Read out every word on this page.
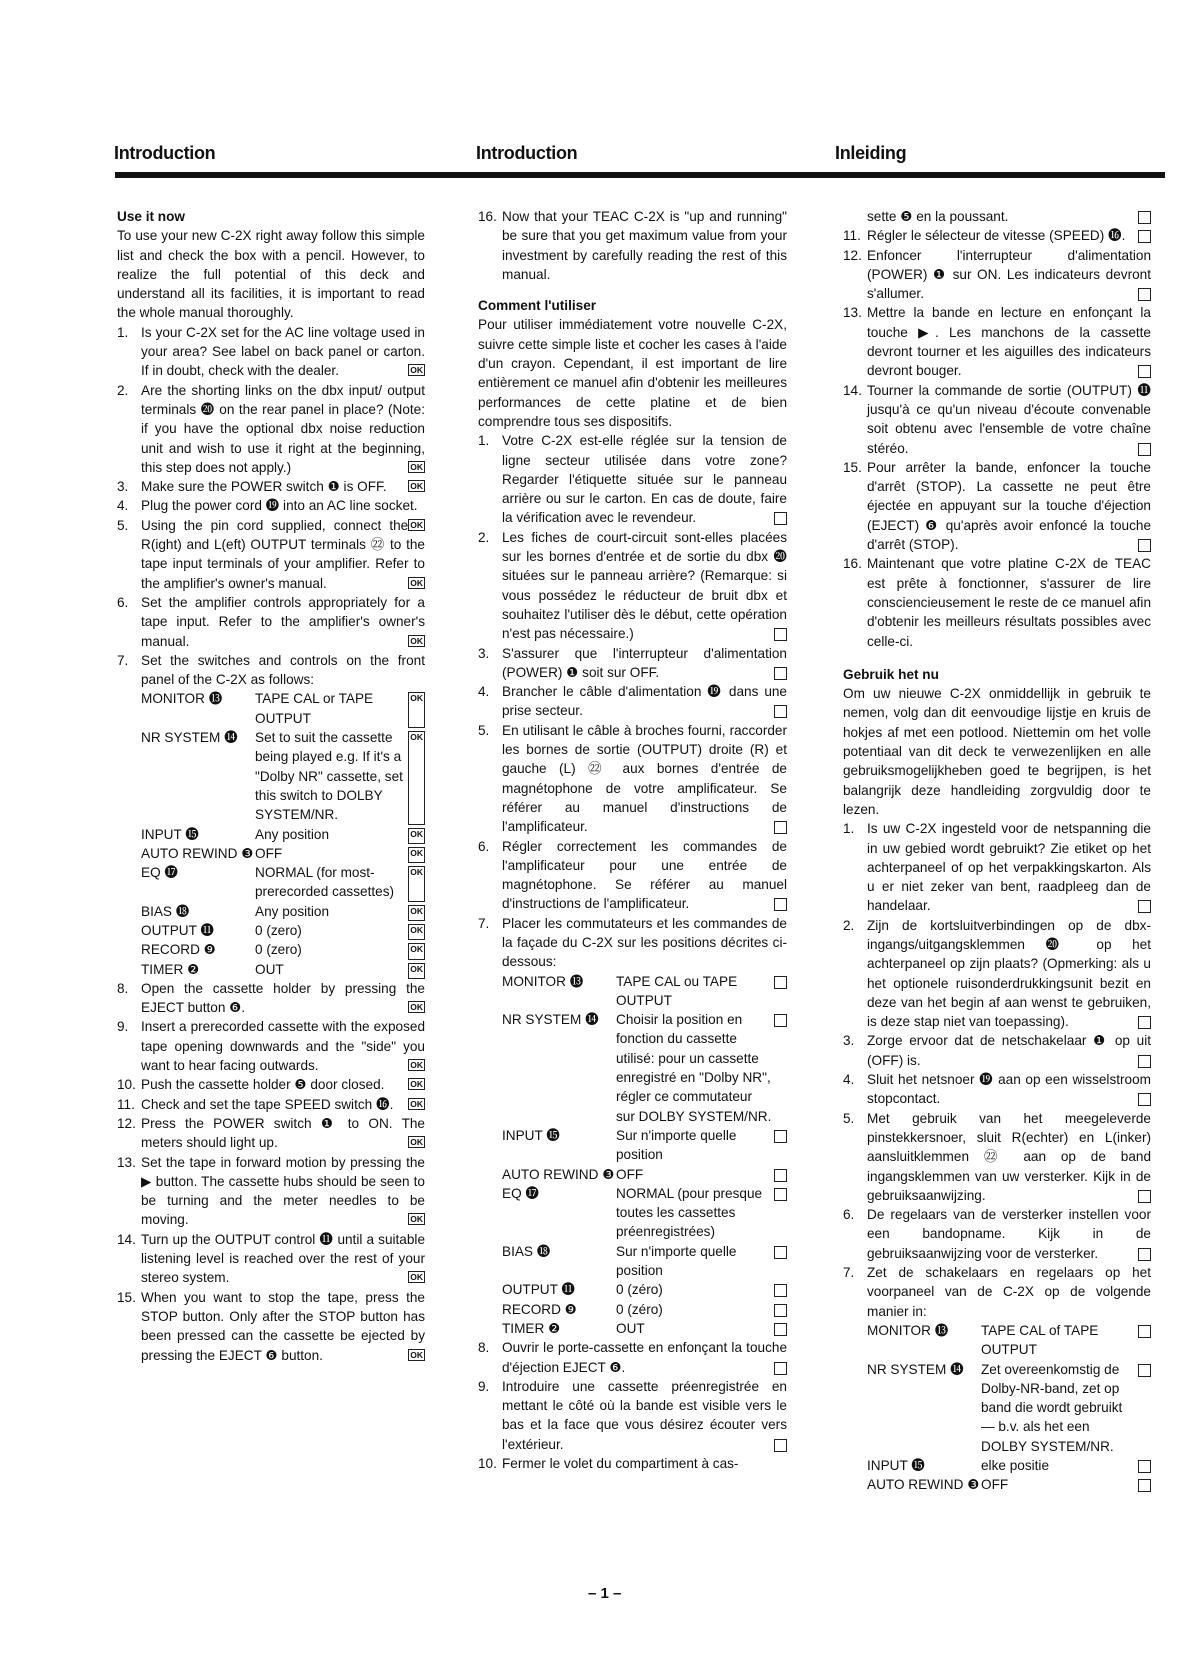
Introduction	Introduction	Inleiding
Use it now

To use your new C-2X right away follow this simple list and check the box with a pencil. However, to realize the full potential of this deck and understand all its facilities, it is important to read the whole manual thoroughly.

1. Is your C-2X set for the AC line voltage used in your area? See label on back panel or carton. If in doubt, check with the dealer.	OK
2. Are the shorting links on the dbx input/ output terminals ⓴ on the rear panel in place? (Note: if you have the optional dbx noise reduction unit and wish to use it right at the beginning, this step does not apply.)	OK
3. Make sure the POWER switch ❶ is OFF.	OK
4. Plug the power cord ⓳ into an AC line socket.
OK
5. Using the pin cord supplied, connect the R(ight) and L(eft) OUTPUT terminals ㉒ to the tape input terminals of your amplifier. Refer to the amplifier's owner's manual.	OK
6. Set the amplifier controls appropriately for a tape input. Refer to the amplifier's owner's manual.	OK
7. Set the switches and controls on the front panel of the C-2X as follows:
MONITOR ⓭	TAPE CAL or TAPE OUTPUT
OK
NR SYSTEM ⓮	Set to suit the cassette being played e.g. If it's a "Dolby NR" cassette, set this switch to DOLBY SYSTEM/NR.
OK
INPUT ⓯	Any position	OK
AUTO REWIND ❸ OFF	OK
EQ ⓱	NORMAL (for most-prerecorded cassettes)
OK
BIAS ⓲	Any position	OK
OUTPUT ⓫	0 (zero)	OK
RECORD ❾	0 (zero)	OK
TIMER ❷	OUT	OK
8. Open the cassette holder by pressing the EJECT button ❻.	OK
9. Insert a prerecorded cassette with the exposed tape opening downwards and the "side" you want to hear facing outwards.	OK
10. Push the cassette holder ❺ door closed.	OK
11. Check and set the tape SPEED switch ⓰. OK
12. Press the POWER switch ❶ to ON. The meters should light up.	OK
13. Set the tape in forward motion by pressing the ▶ button. The cassette hubs should be seen to be turning and the meter needles to be moving.	OK
14. Turn up the OUTPUT control ⓫ until a suitable listening level is reached over the rest of your stereo system.	OK
15. When you want to stop the tape, press the STOP button. Only after the STOP button has been pressed can the cassette be ejected by pressing the EJECT ❻ button.	OK
16. Now that your TEAC C-2X is "up and running" be sure that you get maximum value from your investment by carefully reading the rest of this manual.
Comment l'utiliser

Pour utiliser immédiatement votre nouvelle C-2X, suivre cette simple liste et cocher les cases à l'aide d'un crayon. Cependant, il est important de lire entièrement ce manuel afin d'obtenir les meilleures performances de cette platine et de bien comprendre tous ses dispositifs.

1. Votre C-2X est-elle réglée sur la tension de ligne secteur utilisée dans votre zone? Regarder l'étiquette située sur le panneau arrière ou sur le carton. En cas de doute, faire la vérification avec le revendeur.
2. Les fiches de court-circuit sont-elles placées sur les bornes d'entrée et de sortie du dbx ⓴ situées sur le panneau arrière? (Remarque: si vous possédez le réducteur de bruit dbx et souhaitez l'utiliser dès le début, cette opération n'est pas nécessaire.)
3. S'assurer que l'interrupteur d'alimentation (POWER) ❶ soit sur OFF.
4. Brancher le câble d'alimentation ⓳ dans une prise secteur.
5. En utilisant le câble à broches fourni, raccorder les bornes de sortie (OUTPUT) droite (R) et gauche (L) ㉒ aux bornes d'entrée de magnétophone de votre amplificateur. Se référer au manuel d'instructions de l'amplificateur.
6. Régler correctement les commandes de l'amplificateur pour une entrée de magnétophone. Se référer au manuel d'instructions de l'amplificateur.
7. Placer les commutateurs et les commandes de la façade du C-2X sur les positions décrites ci-dessous:
MONITOR ⓭	TAPE CAL ou TAPE OUTPUT
NR SYSTEM ⓮	Choisir la position en fonction du cassette utilisé: pour un cassette enregistré en "Dolby NR", régler ce commutateur sur DOLBY SYSTEM/NR.
INPUT ⓯	Sur n'importe quelle position
AUTO REWIND ❸ OFF
EQ ⓱	NORMAL (pour presque toutes les cassettes préenregistrées)
BIAS ⓲	Sur n'importe quelle position
OUTPUT ⓫	0 (zéro)
RECORD ❾	0 (zéro)
TIMER ❷	OUT
8. Ouvrir le porte-cassette en enfonçant la touche d'éjection EJECT ❻.
9. Introduire une cassette préenregistrée en mettant le côté où la bande est visible vers le bas et la face que vous désirez écouter vers l'extérieur.
10. Fermer le volet du compartiment à cas-
sette ❺ en la poussant.
11. Régler le sélecteur de vitesse (SPEED) ⓰.
12. Enfoncer l'interrupteur d'alimentation (POWER) ❶ sur ON. Les indicateurs devront s'allumer.
13. Mettre la bande en lecture en enfonçant la touche ▶. Les manchons de la cassette devront tourner et les aiguilles des indicateurs devront bouger.
14. Tourner la commande de sortie (OUTPUT) ⓫ jusqu'à ce qu'un niveau d'écoute convenable soit obtenu avec l'ensemble de votre chaîne stéréo.
15. Pour arrêter la bande, enfoncer la touche d'arrêt (STOP). La cassette ne peut être éjectée en appuyant sur la touche d'éjection (EJECT) ❻ qu'après avoir enfoncé la touche d'arrêt (STOP).
16. Maintenant que votre platine C-2X de TEAC est prête à fonctionner, s'assurer de lire consciencieusement le reste de ce manuel afin d'obtenir les meilleurs résultats possibles avec celle-ci.
Gebruik het nu

Om uw nieuwe C-2X onmiddellijk in gebruik te nemen, volg dan dit eenvoudige lijstje en kruis de hokjes af met een potlood. Niettemin om het volle potentiaal van dit deck te verwezenlijken en alle gebruiksmogelijkheben goed te begrijpen, is het balangrijk deze handleiding zorgvuldig door te lezen.

1. Is uw C-2X ingesteld voor de netspanning die in uw gebied wordt gebruikt? Zie etiket op het achterpaneel of op het verpakkingskarton. Als u er niet zeker van bent, raadpleeg dan de handelaar.
2. Zijn de kortsluitverbindingen op de dbx-ingangs/uitgangsklemmen ⓴ op het achterpaneel op zijn plaats? (Opmerking: als u het optionele ruisonderdrukkingsunit bezit en deze van het begin af aan wenst te gebruiken, is deze stap niet van toepassing).
3. Zorge ervoor dat de netschakelaar ❶ op uit (OFF) is.
4. Sluit het netsnoer ⓳ aan op een wisselstroom stopcontact.
5. Met gebruik van het meegeleverde pinstekkersnoer, sluit R(echter) en L(inker) aansluitklemmen ㉒ aan op de band ingangsklemmen van uw versterker. Kijk in de gebruiksaanwijzing.
6. De regelaars van de versterker instellen voor een bandopname. Kijk in de gebruiksaanwijzing voor de versterker.
7. Zet de schakelaars en regelaars op het voorpaneel van de C-2X op de volgende manier in:
MONITOR ⓭	TAPE CAL of TAPE OUTPUT
NR SYSTEM ⓮	Zet overeenkomstig de Dolby-NR-band, zet op band die wordt gebruikt — b.v. als het een DOLBY SYSTEM/NR.
INPUT ⓯	elke positie
AUTO REWIND ❸ OFF
– 1 –
